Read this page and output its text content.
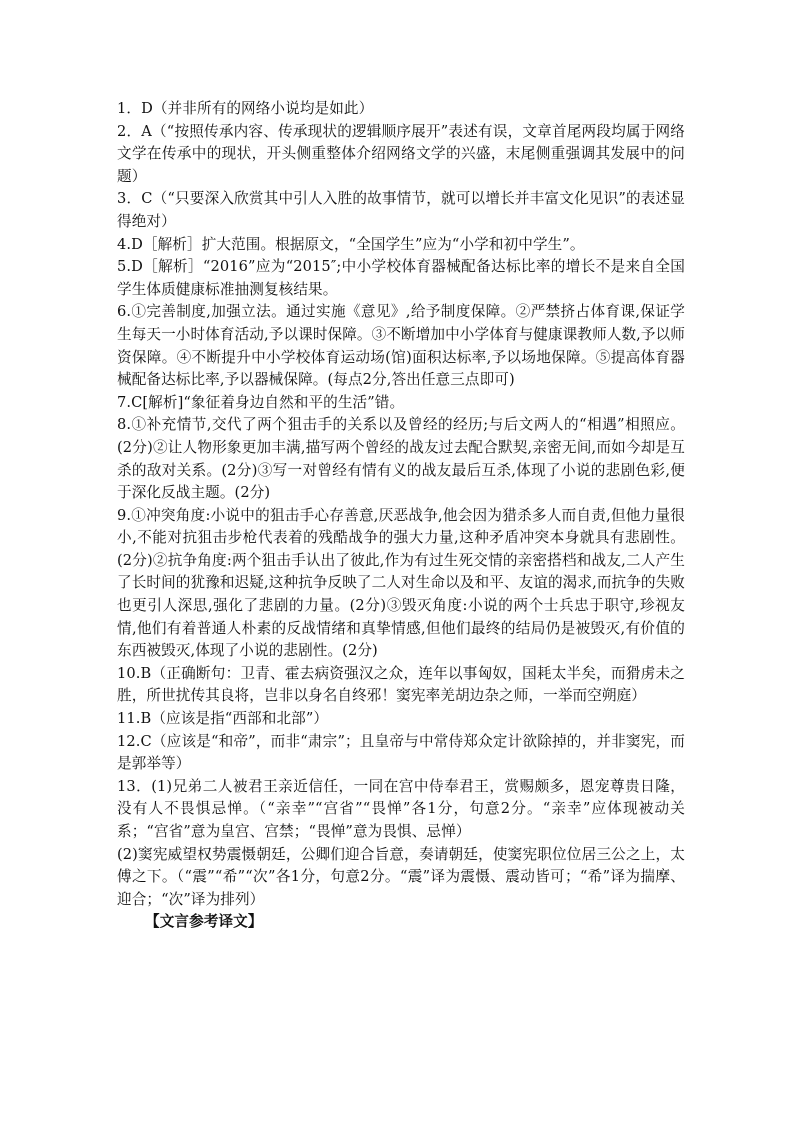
1．D（并非所有的网络小说均是如此）

2．A（“按照传承内容、传承现状的逻辑顺序展开”表述有误，文章首尾两段均属于网络文学在传承中的现状，开头侧重整体介绍网络文学的兴盛，末尾侧重强调其发展中的问题）

3．C（“只要深入欣赏其中引人入胜的故事情节，就可以增长并丰富文化见识”的表述显得绝对）

4.D［解析］扩大范围。根据原文，“全国学生”应为“小学和初中学生”。

5.D［解析］“2016”应为“2015″;中小学校体育器械配备达标比率的增长不是来自全国学生体质健康标准抽测复核结果。

6.①完善制度,加强立法。通过实施《意见》,给予制度保障。②严禁挤占体育课,保证学生每天一小时体育活动,予以课时保障。③不断增加中小学体育与健康课教师人数,予以师资保障。④不断提升中小学校体育运动场(馆)面积达标率,予以场地保障。⑤提高体育器械配备达标比率,予以器械保障。(每点2分,答出任意三点即可)

7.C[解析]“象征着身边自然和平的生活”错。

8.①补充情节,交代了两个狙击手的关系以及曾经的经历;与后文两人的“相遇”相照应。(2分)②让人物形象更加丰满,描写两个曾经的战友过去配合默契,亲密无间,而如今却是互杀的敌对关系。(2分)③写一对曾经有情有义的战友最后互杀,体现了小说的悲剧色彩,便于深化反战主题。(2分)

9.①冲突角度:小说中的狙击手心存善意,厌恶战争,他会因为猎杀多人而自责,但他力量很小,不能对抗狙击步枪代表着的残酷战争的强大力量,这种矛盾冲突本身就具有悲剧性。(2分)②抗争角度:两个狙击手认出了彼此,作为有过生死交情的亲密搭档和战友,二人产生了长时间的犹豫和迟疑,这种抗争反映了二人对生命以及和平、友谊的渴求,而抗争的失败也更引人深思,强化了悲剧的力量。(2分)③毁灭角度:小说的两个士兵忠于职守,珍视友情,他们有着普通人朴素的反战情绪和真挚情感,但他们最终的结局仍是被毁灭,有价值的东西被毁灭,体现了小说的悲剧性。(2分)

10.B（正确断句：卫青、霍去病资强汉之众，连年以事匈奴，国耗太半矣，而猾虏未之胜，所世扰传其良将，岂非以身名自终邪！窦宪率羌胡边杂之师，一举而空朔庭）

11.B（应该是指“西部和北部”）

12.C（应该是“和帝”，而非“肃宗”；且皇帝与中常侍郑众定计欲除掉的，并非窦宪，而是郭举等）

13．(1)兄弟二人被君王亲近信任，一同在宫中侍奉君王，赏赐颇多，恩宠尊贵日隆，没有人不畏惧忌惮。（“亲幸”“宫省”“畏惮”各1分，句意2分。“亲幸”应体现被动关系；“宫省”意为皇宫、宫禁；“畏惮”意为畏惧、忌惮）

(2)窦宪威望权势震慑朝廷，公卿们迎合旨意，奏请朝廷，使窦宪职位位居三公之上，太傅之下。（“震”“希”“次”各1分，句意2分。“震”译为震慑、震动皆可；“希”译为揣摩、迎合；“次”译为排列）

【文言参考译文】
